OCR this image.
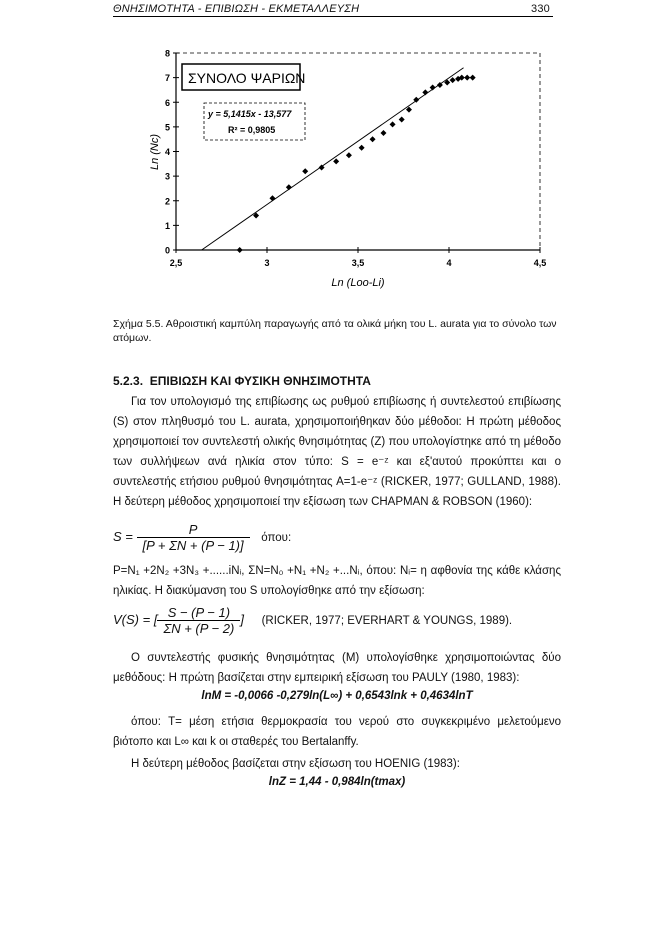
ΘΝΗΣΙΜΟΤΗΤΑ - ΕΠΙΒΙΩΣΗ - ΕΚΜΕΤΑΛΛΕΥΣΗ	330
0
1
2
3
4
5
6
7
8
2,5	3	3,5	4	4,5
ΣΥΝΟΛΟ ΨΑΡΙΩΝ
y = 5,1415x - 13,577
R² = 0,9805
Ln (Loo-Li)
Ln (Nc)
Σχήμα 5.5. Αθροιστική καμπύλη παραγωγής από τα ολικά μήκη του L. aurata για το σύνολο των ατόμων.
5.2.3. ΕΠΙΒΙΩΣΗ ΚΑΙ ΦΥΣΙΚΗ ΘΝΗΣΙΜΟΤΗΤΑ
Για τον υπολογισμό της επιβίωσης ως ρυθμού επιβίωσης ή συντελεστού επιβίωσης (S) στον πληθυσμό του L. aurata, χρησιμοποιήθηκαν δύο μέθοδοι: Η πρώτη μέθοδος χρησιμοποιεί τον συντελεστή ολικής θνησιμότητας (Z) που υπολογίστηκε από τη μέθοδο των συλλήψεων ανά ηλικία στον τύπο: S = e⁻ᶻ και εξ'αυτού προκύπτει και ο συντελεστής ετήσιου ρυθμού θνησιμότητας A=1-e⁻ᶻ (RICKER, 1977; GULLAND, 1988). Η δεύτερη μέθοδος χρησιμοποιεί την εξίσωση των CHAPMAN & ROBSON (1960):
$S = \frac{P}{[P + \Sigma N + (P - 1)]} ό\pi o\upsilon$:
P=N₁ +2N₂ +3N₃ +......iNᵢ, ΣN=N₀ +N₁ +N₂ +...Nᵢ, όπου: Nᵢ= η αφθονία της κάθε κλάσης ηλικίας. Η διακύμανση του S υπολογίσθηκε από την εξίσωση:
V(S) = [ $\frac{S - (P - 1)}{\Sigma N + (P - 2)}$ ] (RICKER, 1977; EVERHART & YOUNGS, 1989).
Ο συντελεστής φυσικής θνησιμότητας (M) υπολογίσθηκε χρησιμοποιώντας δύο μεθόδους: Η πρώτη βασίζεται στην εμπειρική εξίσωση του PAULY (1980, 1983):
lnM = -0,0066 -0,279ln(L∞) + 0,6543lnk + 0,4634lnT
όπου: T= μέση ετήσια θερμοκρασία του νερού στο συγκεκριμένο μελετούμενο βιότοπο και L∞ και k οι σταθερές του Bertalanffy.
Η δεύτερη μέθοδος βασίζεται στην εξίσωση του HOENIG (1983):
lnZ = 1,44 - 0,984ln(tmax)
